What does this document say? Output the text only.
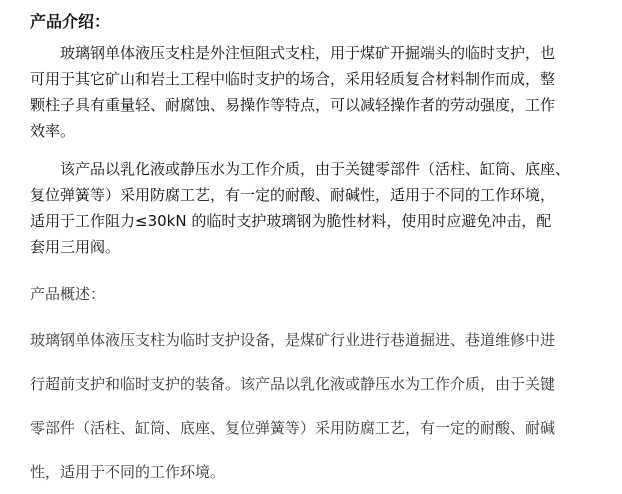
产品介绍：
　　玻璃钢单体液压支柱是外注恒阻式支柱，用于煤矿开掘端头的临时支护，也
可用于其它矿山和岩土工程中临时支护的场合，采用轻质复合材料制作而成，整
颗柱子具有重量轻、耐腐蚀、易操作等特点，可以减轻操作者的劳动强度，工作
效率。
　　该产品以乳化液或静压水为工作介质，由于关键零部件（活柱、缸筒、底座、
复位弹簧等）采用防腐工艺，有一定的耐酸、耐碱性，适用于不同的工作环境，
适用于工作阻力≤30kN 的临时支护玻璃钢为脆性材料，使用时应避免冲击，配
套用三用阀。
产品概述：
玻璃钢单体液压支柱为临时支护设备，是煤矿行业进行巷道掘进、巷道维修中进
行超前支护和临时支护的装备。该产品以乳化液或静压水为工作介质，由于关键
零部件（活柱、缸筒、底座、复位弹簧等）采用防腐工艺，有一定的耐酸、耐碱
性，适用于不同的工作环境。
